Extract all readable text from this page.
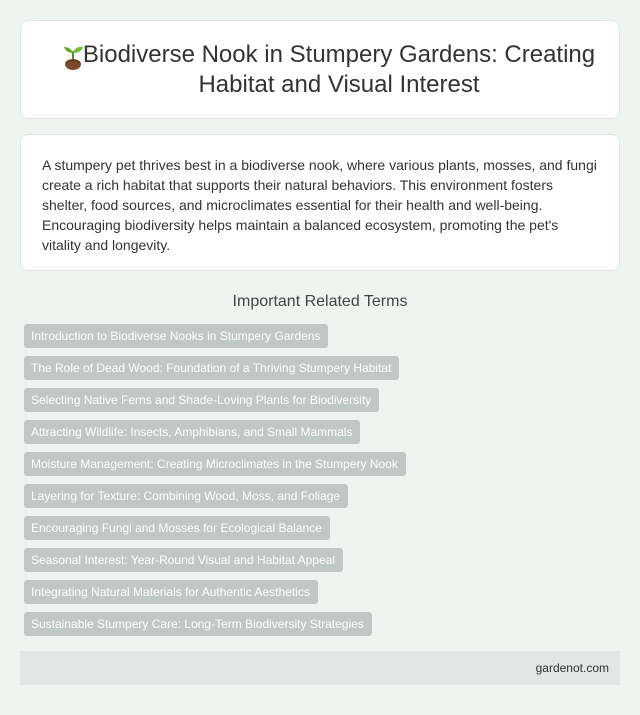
Biodiverse Nook in Stumpery Gardens: Creating Habitat and Visual Interest

A stumpery pet thrives best in a biodiverse nook, where various plants, mosses, and fungi create a rich habitat that supports their natural behaviors. This environment fosters shelter, food sources, and microclimates essential for their health and well-being. Encouraging biodiversity helps maintain a balanced ecosystem, promoting the pet's vitality and longevity.

Important Related Terms
Introduction to Biodiverse Nooks in Stumpery Gardens
The Role of Dead Wood: Foundation of a Thriving Stumpery Habitat
Selecting Native Ferns and Shade-Loving Plants for Biodiversity
Attracting Wildlife: Insects, Amphibians, and Small Mammals
Moisture Management: Creating Microclimates in the Stumpery Nook
Layering for Texture: Combining Wood, Moss, and Foliage
Encouraging Fungi and Mosses for Ecological Balance
Seasonal Interest: Year-Round Visual and Habitat Appeal
Integrating Natural Materials for Authentic Aesthetics
Sustainable Stumpery Care: Long-Term Biodiversity Strategies
gardenot.com
